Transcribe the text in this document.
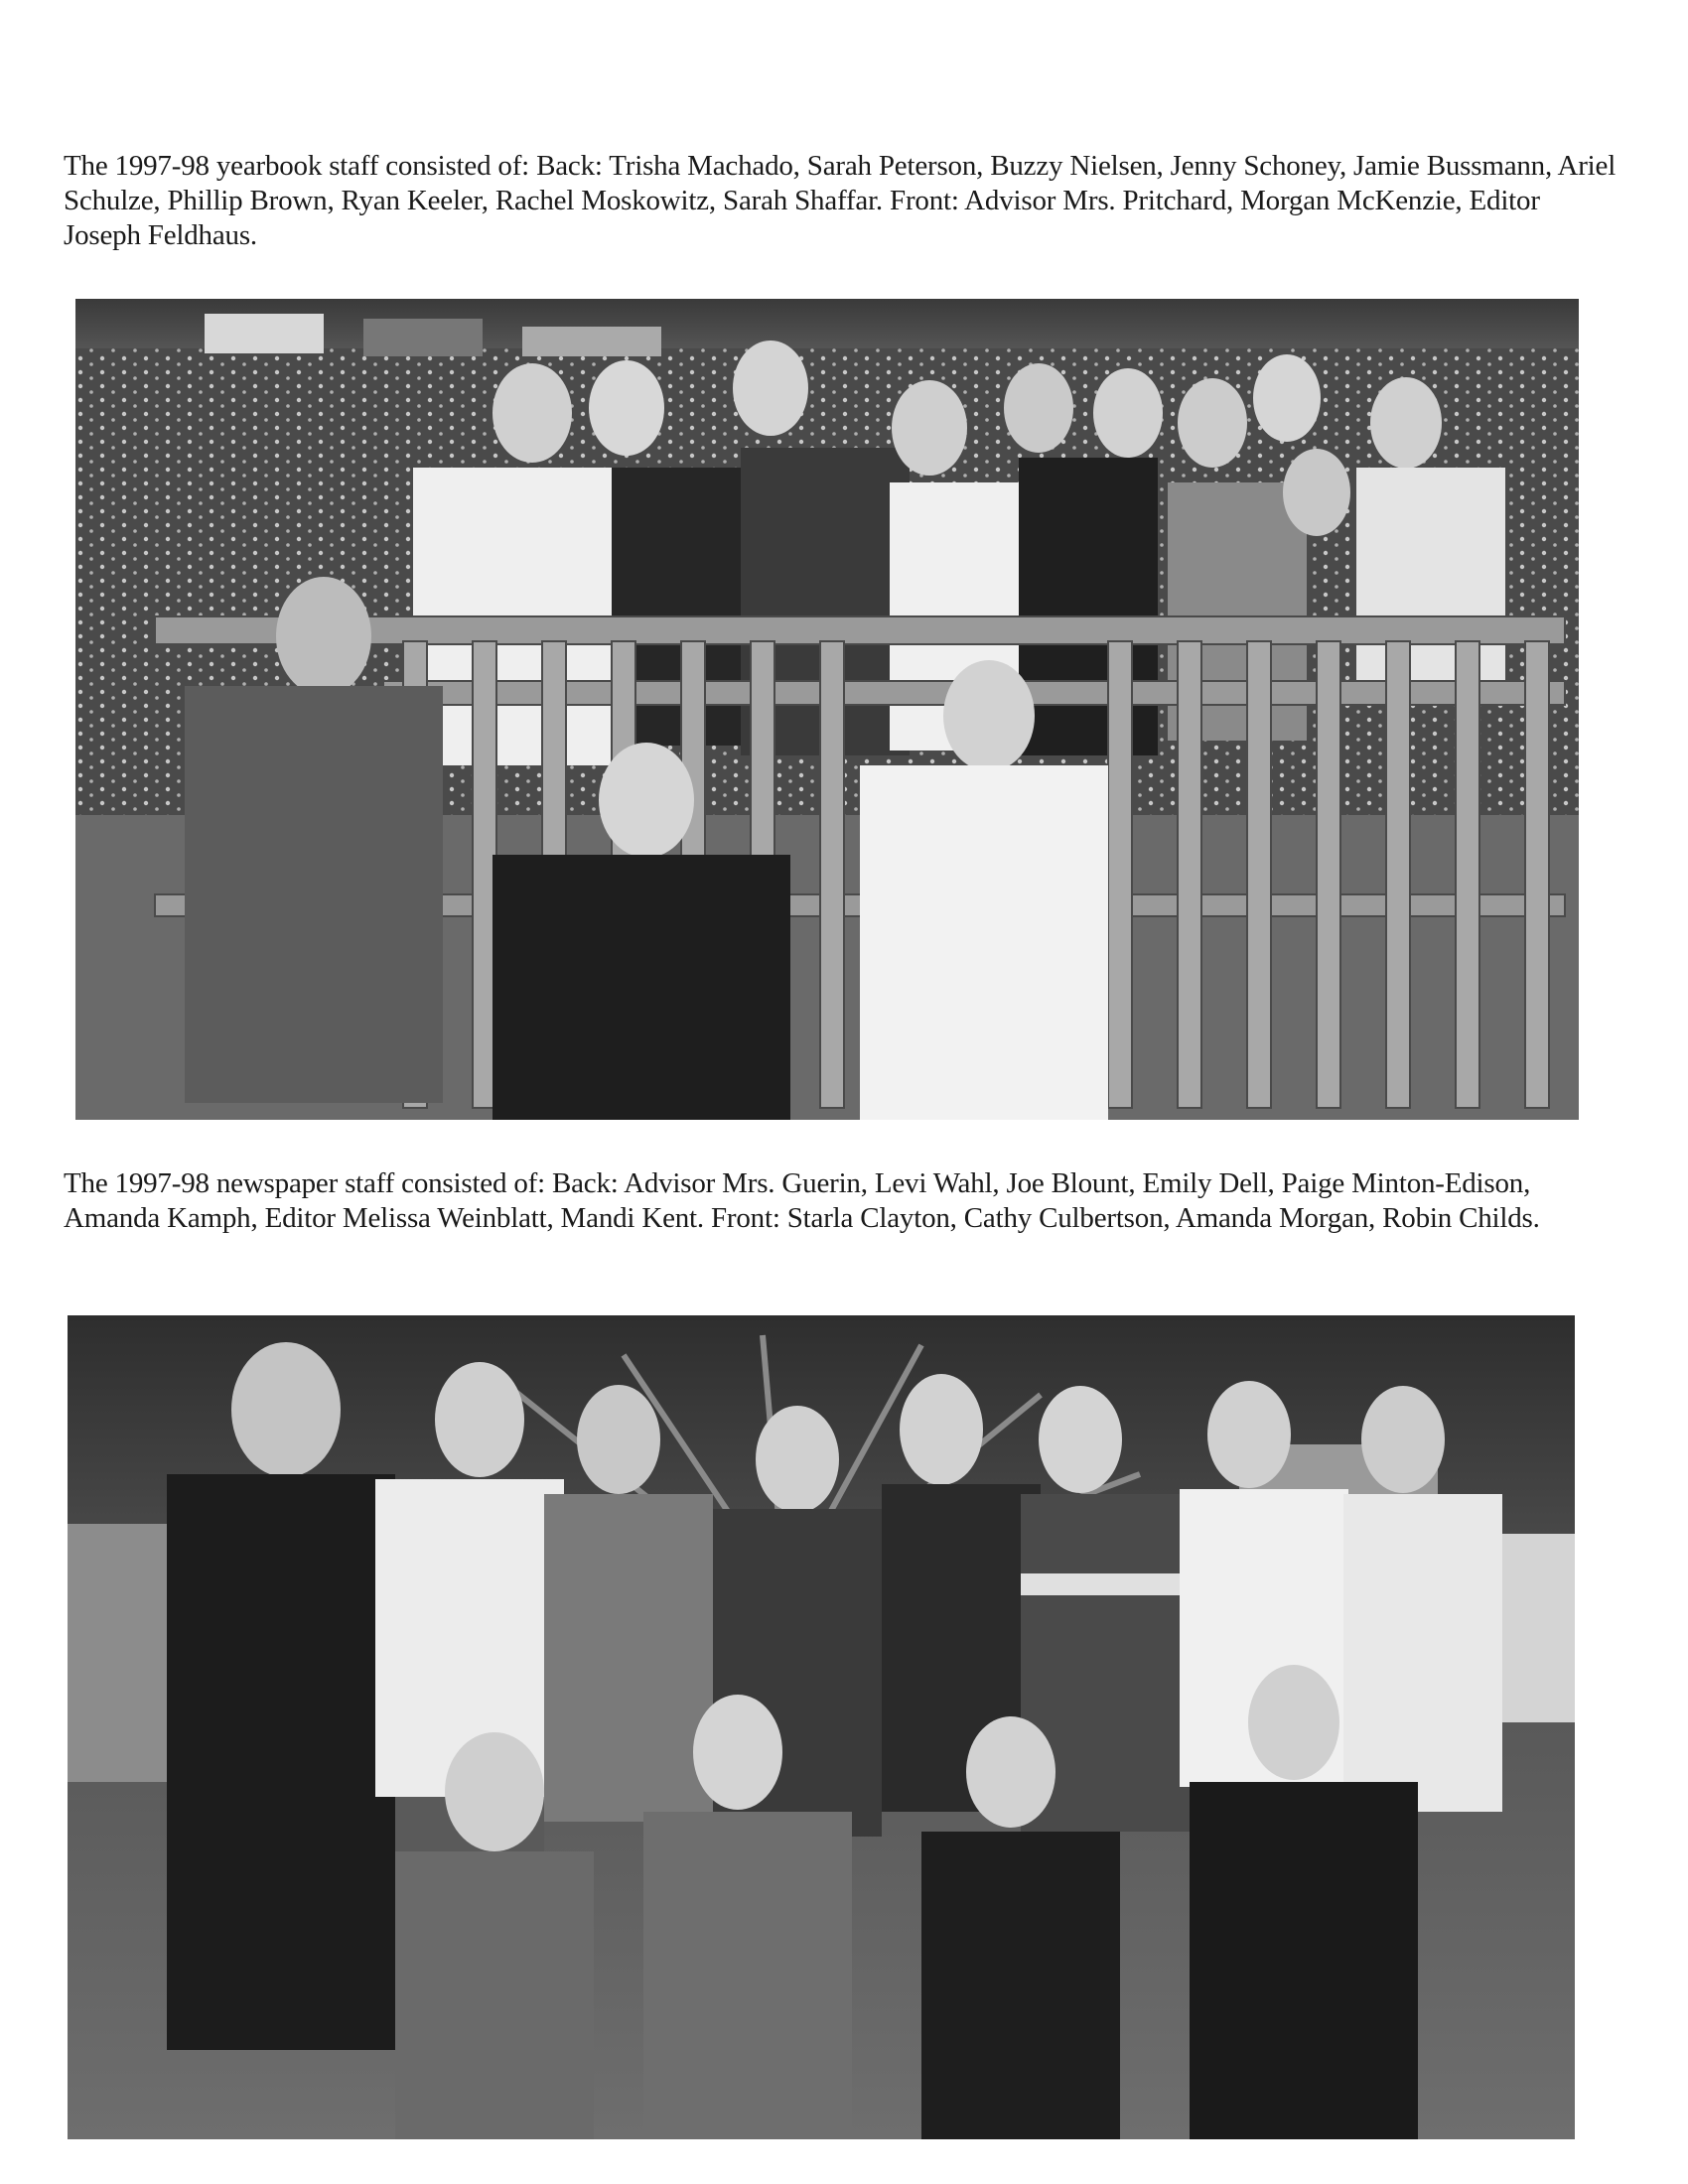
The 1997-98 yearbook staff consisted of: Back: Trisha Machado, Sarah Peterson, Buzzy Nielsen, Jenny Schoney, Jamie Bussmann, Ariel Schulze, Phillip Brown, Ryan Keeler, Rachel Moskowitz, Sarah Shaffar. Front: Advisor Mrs. Pritchard, Morgan McKenzie, Editor Joseph Feldhaus.
The 1997-98 newspaper staff consisted of: Back: Advisor Mrs. Guerin, Levi Wahl, Joe Blount, Emily Dell, Paige Minton-Edison, Amanda Kamph, Editor Melissa Weinblatt, Mandi Kent. Front: Starla Clayton, Cathy Culbertson, Amanda Morgan, Robin Childs.
